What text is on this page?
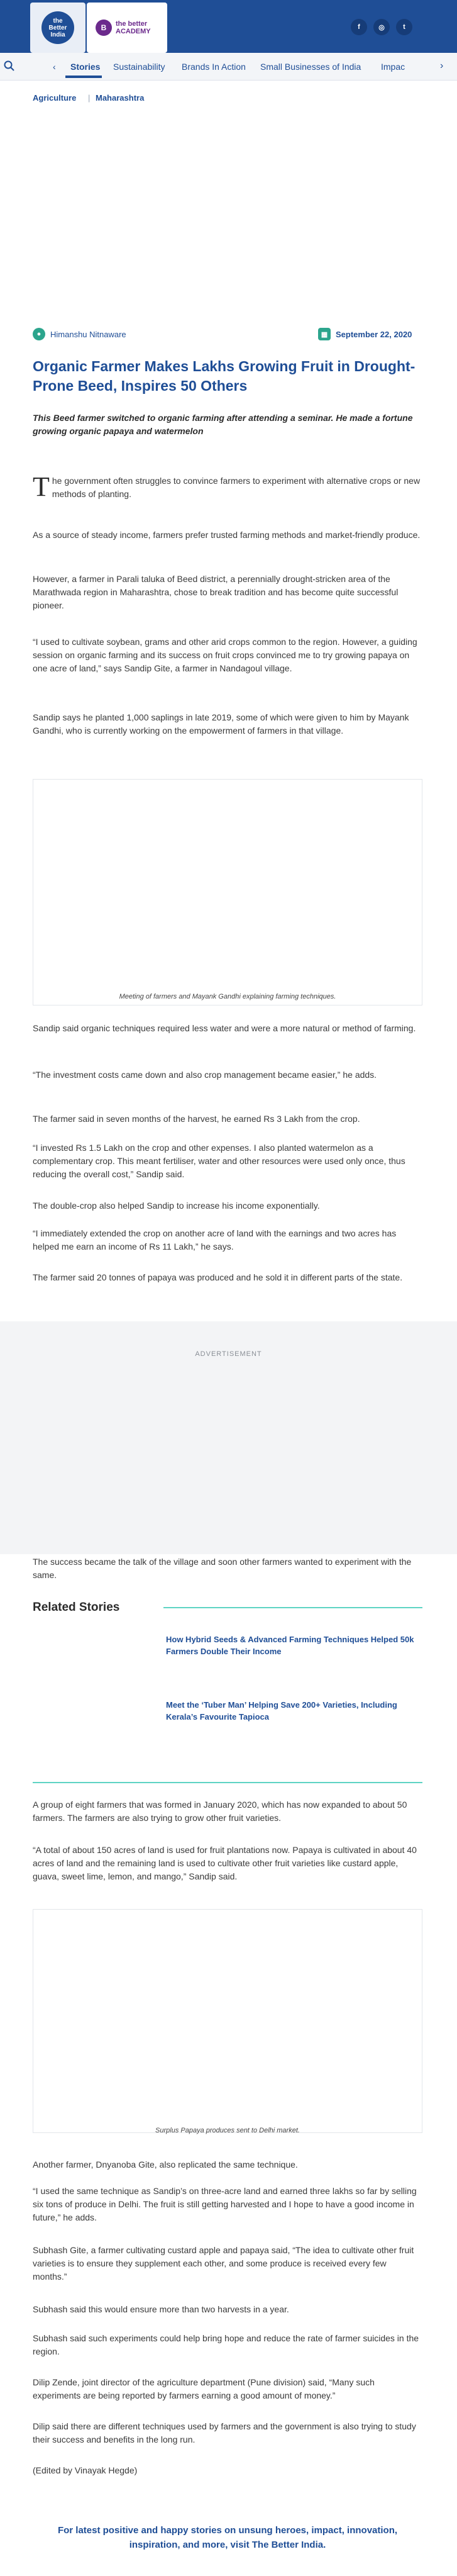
the
Better
India
B	the better
ACADEMY
f	◎	t
‹ Stories Sustainability Brands In Action Small Businesses of India Impac	›
Agriculture | Maharashtra
●	Himanshu Nitnaware	▦ September 22, 2020
Organic Farmer Makes Lakhs Growing Fruit in Drought-Prone Beed, Inspires 50 Others
This Beed farmer switched to organic farming after attending a seminar. He made a fortune growing organic papaya and watermelon
The government often struggles to convince farmers to experiment with alternative crops or new methods of planting.
As a source of steady income, farmers prefer trusted farming methods and market-friendly produce.
However, a farmer in Parali taluka of Beed district, a perennially drought-stricken area of the Marathwada region in Maharashtra, chose to break tradition and has become quite successful pioneer.
“I used to cultivate soybean, grams and other arid crops common to the region. However, a guiding session on organic farming and its success on fruit crops convinced me to try growing papaya on one acre of land,” says Sandip Gite, a farmer in Nandagoul village.
Sandip says he planted 1,000 saplings in late 2019, some of which were given to him by Mayank Gandhi, who is currently working on the empowerment of farmers in that village.
Meeting of farmers and Mayank Gandhi explaining farming techniques.
Sandip said organic techniques required less water and were a more natural or method of farming.
“The investment costs came down and also crop management became easier,” he adds.
The farmer said in seven months of the harvest, he earned Rs 3 Lakh from the crop.
“I invested Rs 1.5 Lakh on the crop and other expenses. I also planted watermelon as a complementary crop. This meant fertiliser, water and other resources were used only once, thus reducing the overall cost,” Sandip said.
The double-crop also helped Sandip to increase his income exponentially.
“I immediately extended the crop on another acre of land with the earnings and two acres has helped me earn an income of Rs 11 Lakh,” he says.
The farmer said 20 tonnes of papaya was produced and he sold it in different parts of the state.
ADVERTISEMENT
The success became the talk of the village and soon other farmers wanted to experiment with the same.
Related Stories
How Hybrid Seeds & Advanced Farming Techniques Helped 50k Farmers Double Their Income
Meet the ‘Tuber Man’ Helping Save 200+ Varieties, Including Kerala’s Favourite Tapioca
A group of eight farmers that was formed in January 2020, which has now expanded to about 50 farmers. The farmers are also trying to grow other fruit varieties.
“A total of about 150 acres of land is used for fruit plantations now. Papaya is cultivated in about 40 acres of land and the remaining land is used to cultivate other fruit varieties like custard apple, guava, sweet lime, lemon, and mango,” Sandip said.
Surplus Papaya produces sent to Delhi market.
Another farmer, Dnyanoba Gite, also replicated the same technique.
“I used the same technique as Sandip’s on three-acre land and earned three lakhs so far by selling six tons of produce in Delhi. The fruit is still getting harvested and I hope to have a good income in future,” he adds.
Subhash Gite, a farmer cultivating custard apple and papaya said, “The idea to cultivate other fruit varieties is to ensure they supplement each other, and some produce is received every few months.”
Subhash said this would ensure more than two harvests in a year.
Subhash said such experiments could help bring hope and reduce the rate of farmer suicides in the region.
Dilip Zende, joint director of the agriculture department (Pune division) said, “Many such experiments are being reported by farmers earning a good amount of money.”
Dilip said there are different techniques used by farmers and the government is also trying to study their success and benefits in the long run.
(Edited by Vinayak Hegde)
For latest positive and happy stories on unsung heroes, impact, innovation, inspiration, and more, visit The Better India.
